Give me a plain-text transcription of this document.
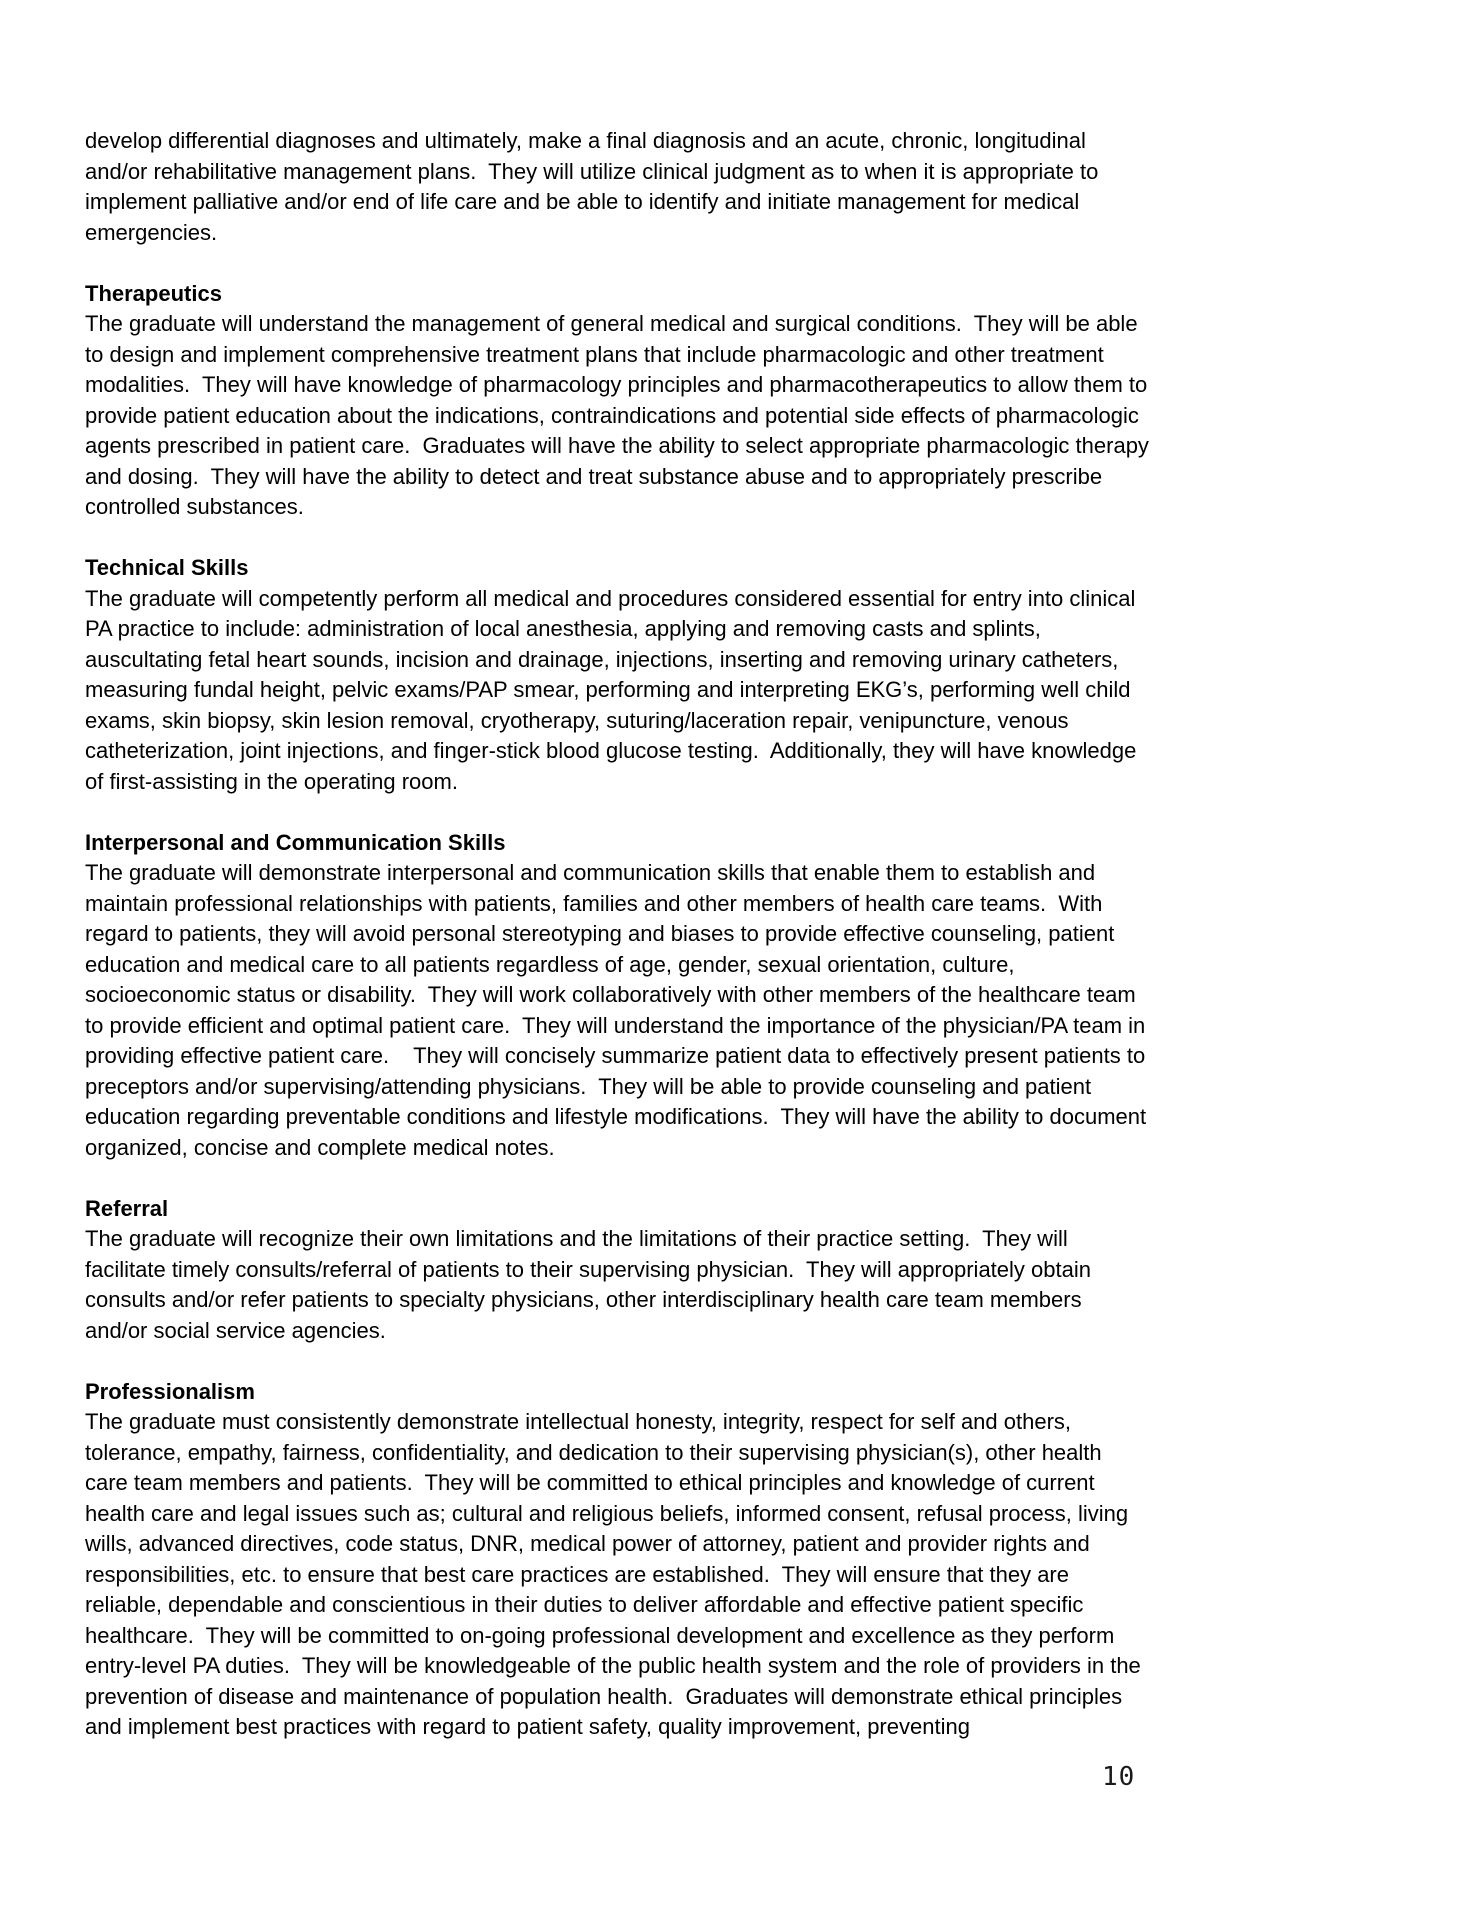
develop differential diagnoses and ultimately, make a final diagnosis and an acute, chronic, longitudinal and/or rehabilitative management plans.  They will utilize clinical judgment as to when it is appropriate to implement palliative and/or end of life care and be able to identify and initiate management for medical emergencies.

Therapeutics

The graduate will understand the management of general medical and surgical conditions.  They will be able to design and implement comprehensive treatment plans that include pharmacologic and other treatment modalities.  They will have knowledge of pharmacology principles and pharmacotherapeutics to allow them to provide patient education about the indications, contraindications and potential side effects of pharmacologic agents prescribed in patient care.  Graduates will have the ability to select appropriate pharmacologic therapy and dosing.  They will have the ability to detect and treat substance abuse and to appropriately prescribe controlled substances.

Technical Skills

The graduate will competently perform all medical and procedures considered essential for entry into clinical PA practice to include: administration of local anesthesia, applying and removing casts and splints, auscultating fetal heart sounds, incision and drainage, injections, inserting and removing urinary catheters, measuring fundal height, pelvic exams/PAP smear, performing and interpreting EKG’s, performing well child exams, skin biopsy, skin lesion removal, cryotherapy, suturing/laceration repair, venipuncture, venous catheterization, joint injections, and finger-stick blood glucose testing.  Additionally, they will have knowledge of first-assisting in the operating room.

Interpersonal and Communication Skills

The graduate will demonstrate interpersonal and communication skills that enable them to establish and maintain professional relationships with patients, families and other members of health care teams.  With regard to patients, they will avoid personal stereotyping and biases to provide effective counseling, patient education and medical care to all patients regardless of age, gender, sexual orientation, culture, socioeconomic status or disability.  They will work collaboratively with other members of the healthcare team to provide efficient and optimal patient care.  They will understand the importance of the physician/PA team in providing effective patient care.    They will concisely summarize patient data to effectively present patients to preceptors and/or supervising/attending physicians.  They will be able to provide counseling and patient education regarding preventable conditions and lifestyle modifications.  They will have the ability to document organized, concise and complete medical notes.

Referral

The graduate will recognize their own limitations and the limitations of their practice setting.  They will facilitate timely consults/referral of patients to their supervising physician.  They will appropriately obtain consults and/or refer patients to specialty physicians, other interdisciplinary health care team members and/or social service agencies.

Professionalism

The graduate must consistently demonstrate intellectual honesty, integrity, respect for self and others, tolerance, empathy, fairness, confidentiality, and dedication to their supervising physician(s), other health care team members and patients.  They will be committed to ethical principles and knowledge of current health care and legal issues such as; cultural and religious beliefs, informed consent, refusal process, living wills, advanced directives, code status, DNR, medical power of attorney, patient and provider rights and responsibilities, etc. to ensure that best care practices are established.  They will ensure that they are reliable, dependable and conscientious in their duties to deliver affordable and effective patient specific healthcare.  They will be committed to on-going professional development and excellence as they perform entry-level PA duties.  They will be knowledgeable of the public health system and the role of providers in the prevention of disease and maintenance of population health.  Graduates will demonstrate ethical principles and implement best practices with regard to patient safety, quality improvement, preventing

10
